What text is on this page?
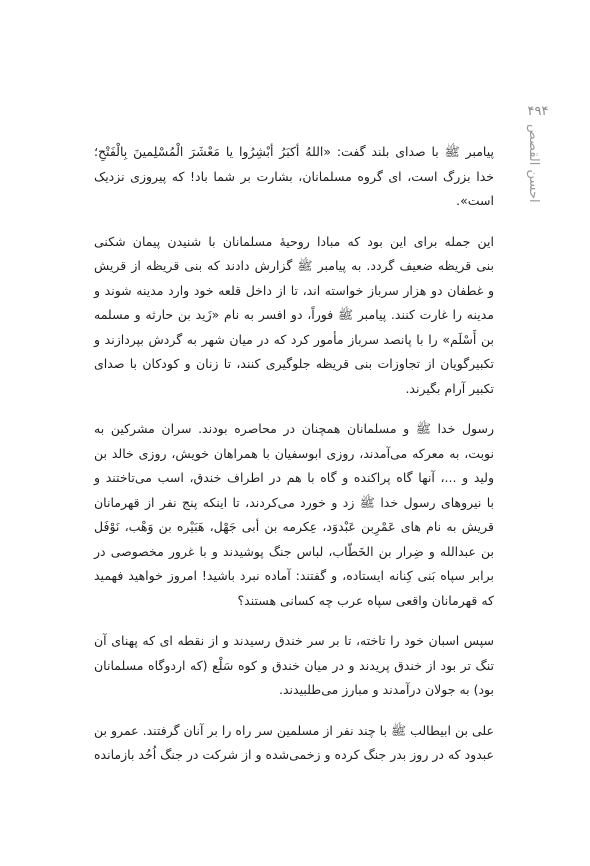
۴۹۴
احسن القصص

پیامبر ﷺ با صدای بلند گفت: «اللهُ أکبَرُ أبْشِرُوا یا مَعْشَرَ الْمُسْلِمینَ بِالْفَتْحِ؛
خدا بزرگ است، ای گروه مسلمانان، بشارت بر شما باد! که پیروزی نزدیک
است».

این جمله برای این بود که مبادا روحیهٔ مسلمانان با شنیدن پیمان شکنی
بنی قریظه ضعیف گردد. به پیامبر ﷺ گزارش دادند که بنی قریظه از قریش
و غطفان دو هزار سرباز خواسته اند، تا از داخل قلعه خود وارد مدینه شوند و
مدینه را غارت کنند. پیامبر ﷺ فوراً، دو افسر به نام «زَید بن حارثه و مسلمه
بن أَسْلَم» را با پانصد سرباز مأمور کرد که در میان شهر به گردش بپردازند و
تکبیرگویان از تجاوزات بنی قریظه جلوگیری کنند، تا زنان و کودکان با صدای
تکبیر آرام بگیرند.

رسول خدا ﷺ و مسلمانان همچنان در محاصره بودند. سران مشرکین به
نوبت، به معرکه می‌آمدند، روزی ابوسفیان با همراهان خویش، روزی خالد بن
ولید و ...، آنها گاه پراکنده و گاه با هم در اطراف خندق، اسب می‌تاختند و
با نیروهای رسول خدا ﷺ زد و خورد می‌کردند، تا اینکه پنج نفر از قهرمانان
قریش به نام های عَمْرِبن عَبْدوَد، عِکرمه بن أبی جَهْل، هَبَیْره بن وَهْب، نَوْفَل
بن عبدالله و ضِرار بن الخَطّاب، لباس جنگ پوشیدند و با غرور مخصوصی در
برابر سپاه بَنی کِنانه ایستاده، و گفتند: آماده نبرد باشید! امروز خواهید فهمید
که قهرمانان واقعی سپاه عرب چه کسانی هستند؟

سپس اسبان خود را تاخته، تا بر سر خندق رسیدند و از نقطه ای که پهنای آن
تنگ تر بود از خندق پریدند و در میان خندق و کوه سَلْع (که اردوگاه مسلمانان
بود) به جولان درآمدند و مبارز می‌طلبیدند.

علی بن ابیطالب ﷺ با چند نفر از مسلمین سر راه را بر آنان گرفتند. عمرو بن
عبدود که در روز بدر جنگ کرده و زخمی‌شده و از شرکت در جنگ اُحُد بازمانده
